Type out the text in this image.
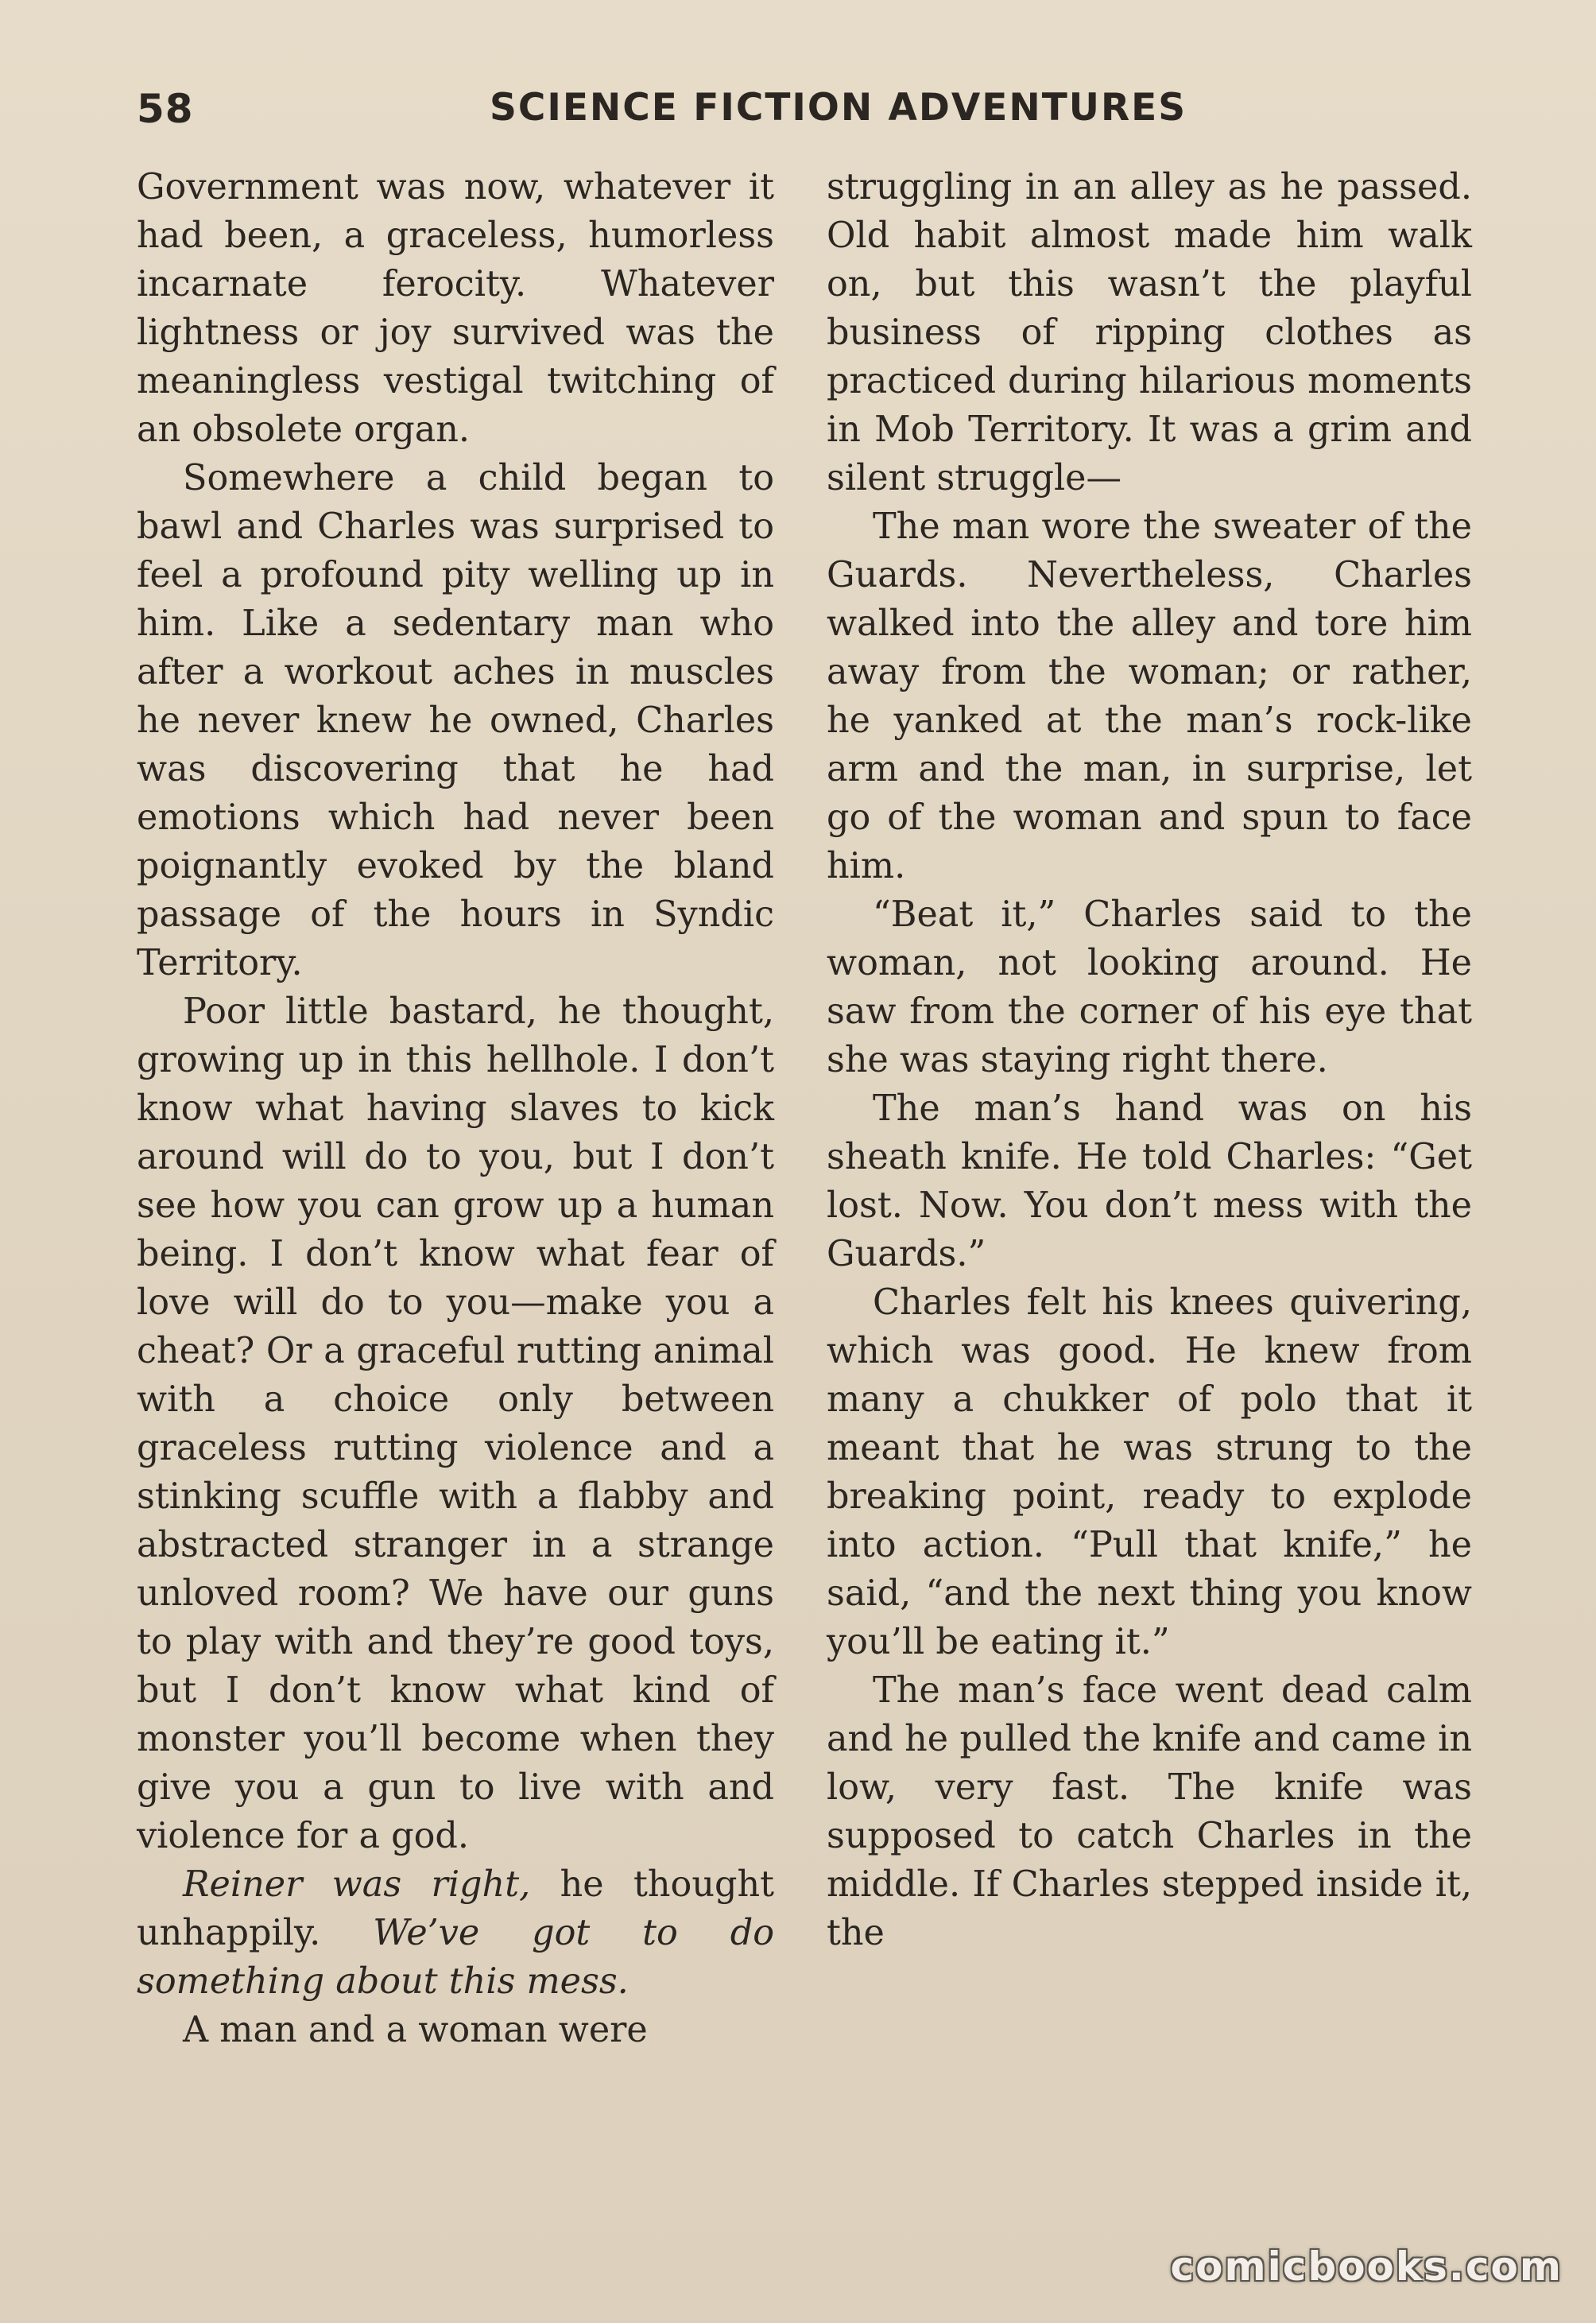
58	SCIENCE FICTION ADVENTURES

Government was now, whatever it had been, a graceless, humorless incarnate ferocity. Whatever lightness or joy survived was the meaningless vestigal twitching of an obsolete organ.

Somewhere a child began to bawl and Charles was surprised to feel a profound pity welling up in him. Like a sedentary man who after a workout aches in muscles he never knew he owned, Charles was discovering that he had emotions which had never been poignantly evoked by the bland passage of the hours in Syndic Territory.

Poor little bastard, he thought, growing up in this hellhole. I don’t know what having slaves to kick around will do to you, but I don’t see how you can grow up a human being. I don’t know what fear of love will do to you—make you a cheat? Or a graceful rutting animal with a choice only between graceless rutting violence and a stinking scuffle with a flabby and abstracted stranger in a strange unloved room? We have our guns to play with and they’re good toys, but I don’t know what kind of monster you’ll become when they give you a gun to live with and violence for a god.

Reiner was right, he thought unhappily. We’ve got to do something about this mess.

A man and a woman were

struggling in an alley as he passed. Old habit almost made him walk on, but this wasn’t the playful business of ripping clothes as practiced during hilarious moments in Mob Territory. It was a grim and silent struggle—

The man wore the sweater of the Guards. Nevertheless, Charles walked into the alley and tore him away from the woman; or rather, he yanked at the man’s rock-like arm and the man, in surprise, let go of the woman and spun to face him.

“Beat it,” Charles said to the woman, not looking around. He saw from the corner of his eye that she was staying right there.

The man’s hand was on his sheath knife. He told Charles: “Get lost. Now. You don’t mess with the Guards.”

Charles felt his knees quivering, which was good. He knew from many a chukker of polo that it meant that he was strung to the breaking point, ready to explode into action. “Pull that knife,” he said, “and the next thing you know you’ll be eating it.”

The man’s face went dead calm and he pulled the knife and came in low, very fast. The knife was supposed to catch Charles in the middle. If Charles stepped inside it, the

comicbooks.com
